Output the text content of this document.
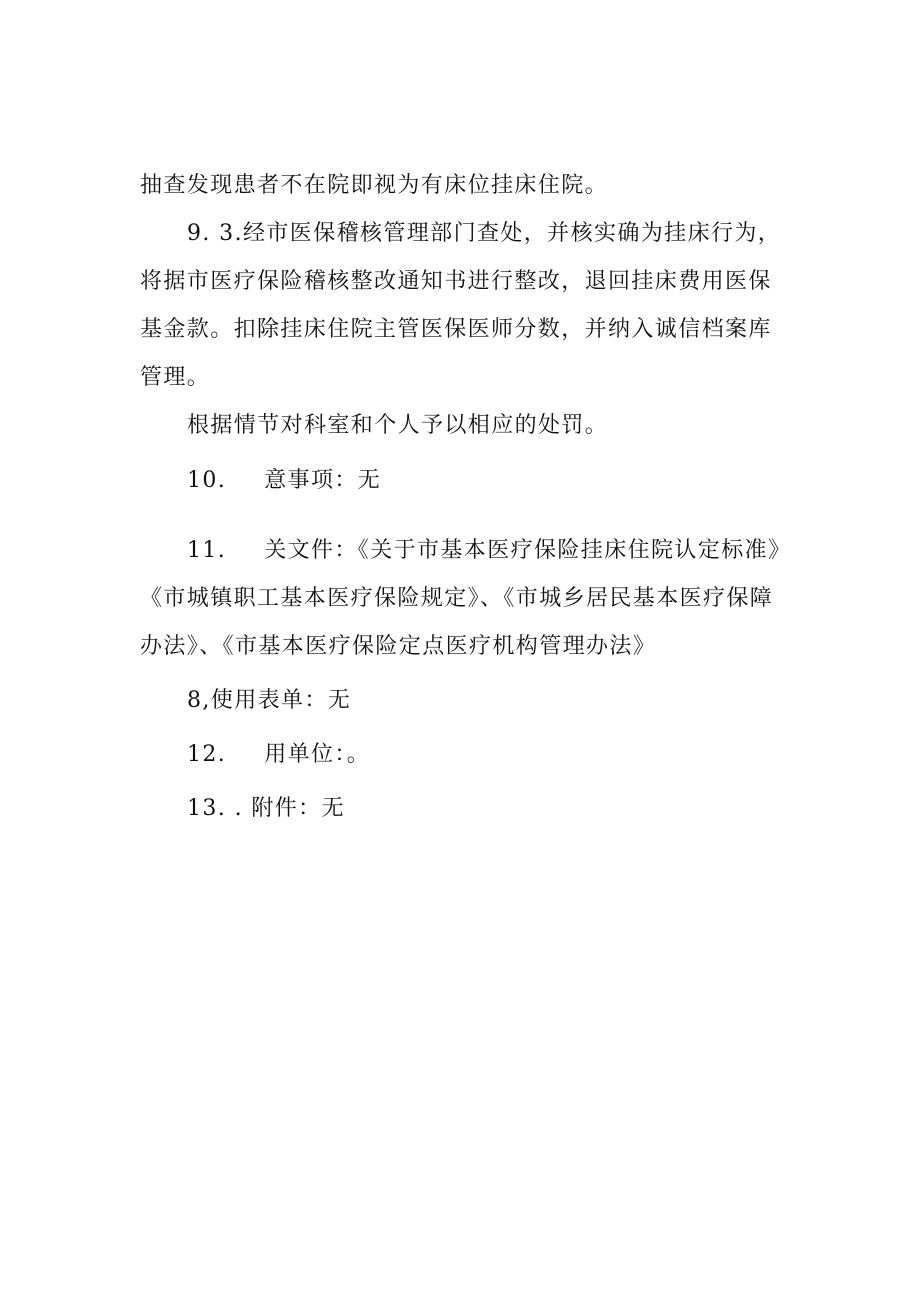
抽查发现患者不在院即视为有床位挂床住院。
9. 3.经市医保稽核管理部门查处，并核实确为挂床行为，
将据市医疗保险稽核整改通知书进行整改，退回挂床费用医保
基金款。扣除挂床住院主管医保医师分数，并纳入诚信档案库
管理。
根据情节对科室和个人予以相应的处罚。
10. 意事项：无
11. 关文件：《关于市基本医疗保险挂床住院认定标准》
《市城镇职工基本医疗保险规定》、《市城乡居民基本医疗保障
办法》、《市基本医疗保险定点医疗机构管理办法》
8,使用表单：无
12. 用单位：。
13. . 附件：无
